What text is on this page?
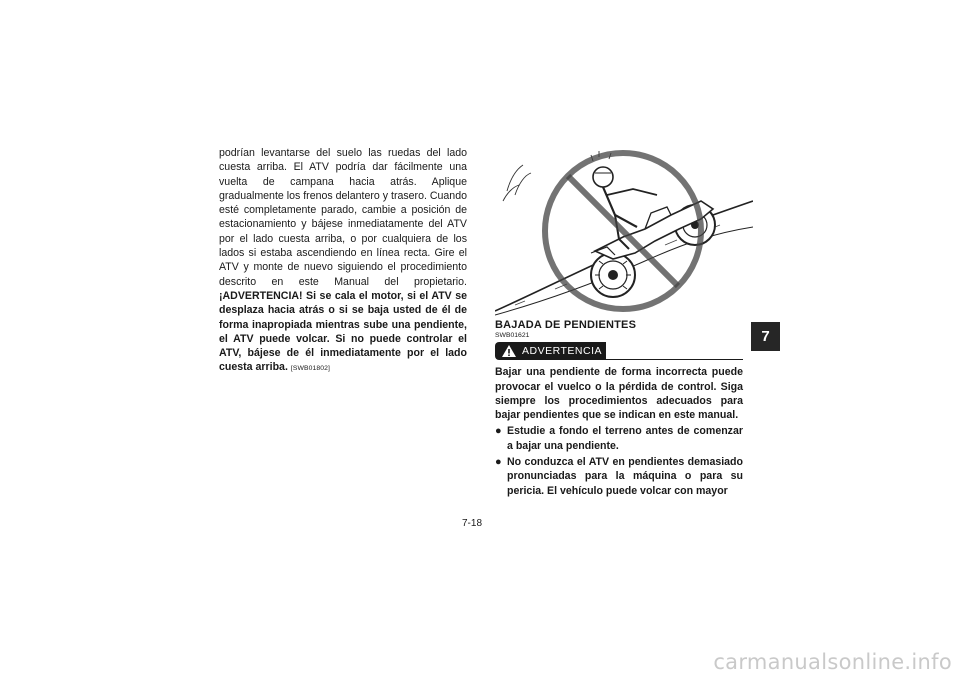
podrían levantarse del suelo las ruedas del lado cuesta arriba. El ATV podría dar fácilmente una vuelta de campana hacia atrás. Aplique gradualmente los frenos delantero y trasero. Cuando esté completamente parado, cambie a posición de estacionamiento y bájese inmediatamente del ATV por el lado cuesta arriba, o por cualquiera de los lados si estaba ascendiendo en línea recta. Gire el ATV y monte de nuevo siguiendo el procedimiento descrito en este Manual del propietario. ¡ADVERTENCIA! Si se cala el motor, si el ATV se desplaza hacia atrás o si se baja usted de él de forma inapropiada mientras sube una pendiente, el ATV puede volcar. Si no puede controlar el ATV, bájese de él inmediatamente por el lado cuesta arriba. [SWB01802]

BAJADA DE PENDIENTES
SWB01621
ADVERTENCIA

Bajar una pendiente de forma incorrecta puede provocar el vuelco o la pérdida de control. Siga siempre los procedimientos adecuados para bajar pendientes que se indican en este manual.

● Estudie a fondo el terreno antes de comenzar a bajar una pendiente.
● No conduzca el ATV en pendientes demasiado pronunciadas para la máquina o para su pericia. El vehículo puede volcar con mayor
7
7-18
carmanualsonline.info
